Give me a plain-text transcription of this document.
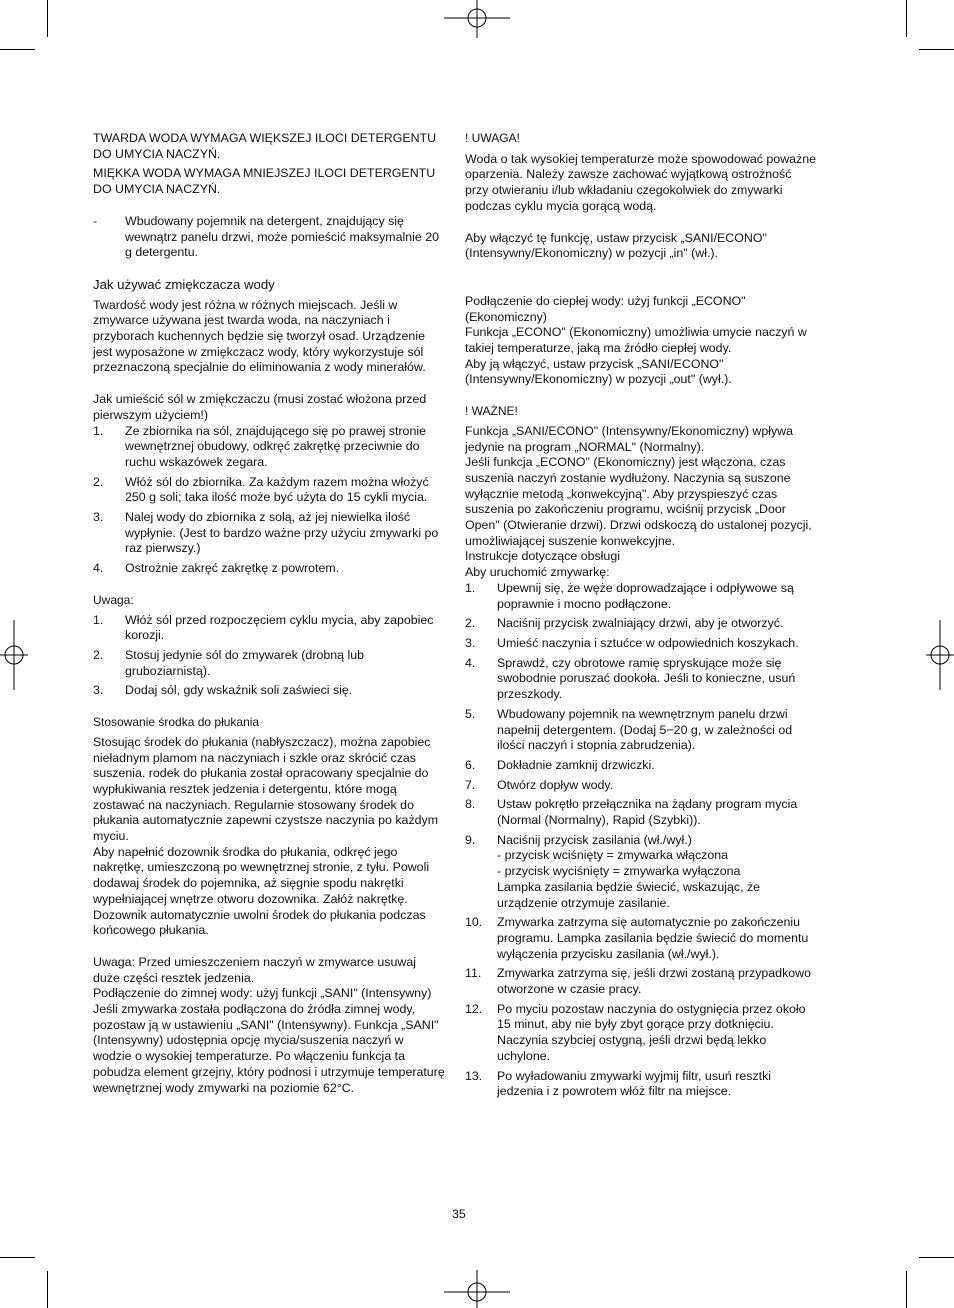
TWARDA WODA WYMAGA WIĘKSZEJ ILOCI DETERGENTU DO UMYCIA NACZYŃ.

MIĘKKA WODA WYMAGA MNIEJSZEJ ILOCI DETERGENTU DO UMYCIA NACZYŃ.

- Wbudowany pojemnik na detergent, znajdujący się wewnątrz panelu drzwi, może pomieścić maksymalnie 20 g detergentu.

Jak używać zmiękczacza wody

Twardość wody jest różna w różnych miejscach. Jeśli w zmywarce używana jest twarda woda, na naczyniach i przyborach kuchennych będzie się tworzył osad. Urządzenie jest wyposażone w zmiękczacz wody, który wykorzystuje sól przeznaczoną specjalnie do eliminowania z wody minerałów.

Jak umieścić sól w zmiękczaczu (musi zostać włożona przed pierwszym użyciem!)

1. Ze zbiornika na sól, znajdującego się po prawej stronie wewnętrznej obudowy, odkręć zakrętkę przeciwnie do ruchu wskazówek zegara.

2. Włóż sól do zbiornika. Za każdym razem można włożyć 250 g soli; taka ilość może być użyta do 15 cykli mycia.

3. Nalej wody do zbiornika z solą, aż jej niewielka ilość wypłynie. (Jest to bardzo ważne przy użyciu zmywarki po raz pierwszy.)

4. Ostrożnie zakręć zakrętkę z powrotem.

Uwaga:

1. Włóż sól przed rozpoczęciem cyklu mycia, aby zapobiec korozji.

2. Stosuj jedynie sól do zmywarek (drobną lub gruboziarnistą).

3. Dodaj sól, gdy wskaźnik soli zaświeci się.

Stosowanie środka do płukania

Stosując środek do płukania (nabłyszczacz), można zapobiec nieładnym plamom na naczyniach i szkle oraz skrócić czas suszenia. rodek do płukania został opracowany specjalnie do wypłukiwania resztek jedzenia i detergentu, które mogą zostawać na naczyniach. Regularnie stosowany środek do płukania automatycznie zapewni czystsze naczynia po każdym myciu.

Aby napełnić dozownik środka do płukania, odkręć jego nakrętkę, umieszczoną po wewnętrznej stronie, z tyłu. Powoli dodawaj środek do pojemnika, aż sięgnie spodu nakrętki wypełniającej wnętrze otworu dozownika. Załóż nakrętkę. Dozownik automatycznie uwolni środek do płukania podczas końcowego płukania.

Uwaga: Przed umieszczeniem naczyń w zmywarce usuwaj duże części resztek jedzenia.

Podłączenie do zimnej wody: użyj funkcji „SANI" (Intensywny)

Jeśli zmywarka została podłączona do źródła zimnej wody, pozostaw ją w ustawieniu „SANI" (Intensywny). Funkcja „SANI" (Intensywny) udostępnia opcję mycia/suszenia naczyń w wodzie o wysokiej temperaturze. Po włączeniu funkcja ta pobudza element grzejny, który podnosi i utrzymuje temperaturę wewnętrznej wody zmywarki na poziomie 62°C.

! UWAGA!

Woda o tak wysokiej temperaturze może spowodować poważne oparzenia. Należy zawsze zachować wyjątkową ostrożność przy otwieraniu i/lub wkładaniu czegokolwiek do zmywarki podczas cyklu mycia gorącą wodą.

Aby włączyć tę funkcję, ustaw przycisk „SANI/ECONO" (Intensywny/Ekonomiczny) w pozycji „in" (wł.).

Podłączenie do ciepłej wody: użyj funkcji „ECONO" (Ekonomiczny)

Funkcja „ECONO" (Ekonomiczny) umożliwia umycie naczyń w takiej temperaturze, jaką ma źródło ciepłej wody.

Aby ją włączyć, ustaw przycisk „SANI/ECONO" (Intensywny/Ekonomiczny) w pozycji „out" (wył.).

! WAŻNE!

Funkcja „SANI/ECONO" (Intensywny/Ekonomiczny) wpływa jedynie na program „NORMAL" (Normalny).

Jeśli funkcja „ECONO" (Ekonomiczny) jest włączona, czas suszenia naczyń zostanie wydłużony. Naczynia są suszone wyłącznie metodą „konwekcyjną". Aby przyspieszyć czas suszenia po zakończeniu programu, wciśnij przycisk „Door Open" (Otwieranie drzwi). Drzwi odskoczą do ustalonej pozycji, umożliwiającej suszenie konwekcyjne.

Instrukcje dotyczące obsługi

Aby uruchomić zmywarkę:

1. Upewnij się, że węże doprowadzające i odpływowe są poprawnie i mocno podłączone.

2. Naciśnij przycisk zwalniający drzwi, aby je otworzyć.

3. Umieść naczynia i sztućce w odpowiednich koszykach.

4. Sprawdź, czy obrotowe ramię spryskujące może się swobodnie poruszać dookoła. Jeśli to konieczne, usuń przeszkody.

5. Wbudowany pojemnik na wewnętrznym panelu drzwi napełnij detergentem. (Dodaj 5−20 g, w zależności od ilości naczyń i stopnia zabrudzenia).

6. Dokładnie zamknij drzwiczki.

7. Otwórz dopływ wody.

8. Ustaw pokrętło przełącznika na żądany program mycia (Normal (Normalny), Rapid (Szybki)).

9. Naciśnij przycisk zasilania (wł./wył.)

- przycisk wciśnięty = zmywarka włączona

- przycisk wyciśnięty = zmywarka wyłączona

Lampka zasilania będzie świecić, wskazując, że urządzenie otrzymuje zasilanie.

10. Zmywarka zatrzyma się automatycznie po zakończeniu programu. Lampka zasilania będzie świecić do momentu wyłączenia przycisku zasilania (wł./wył.).

11. Zmywarka zatrzyma się, jeśli drzwi zostaną przypadkowo otworzone w czasie pracy.

12. Po myciu pozostaw naczynia do ostygnięcia przez około 15 minut, aby nie były zbyt gorące przy dotknięciu. Naczynia szybciej ostygną, jeśli drzwi będą lekko uchylone.

13. Po wyładowaniu zmywarki wyjmij filtr, usuń resztki jedzenia i z powrotem włóż filtr na miejsce.

35
